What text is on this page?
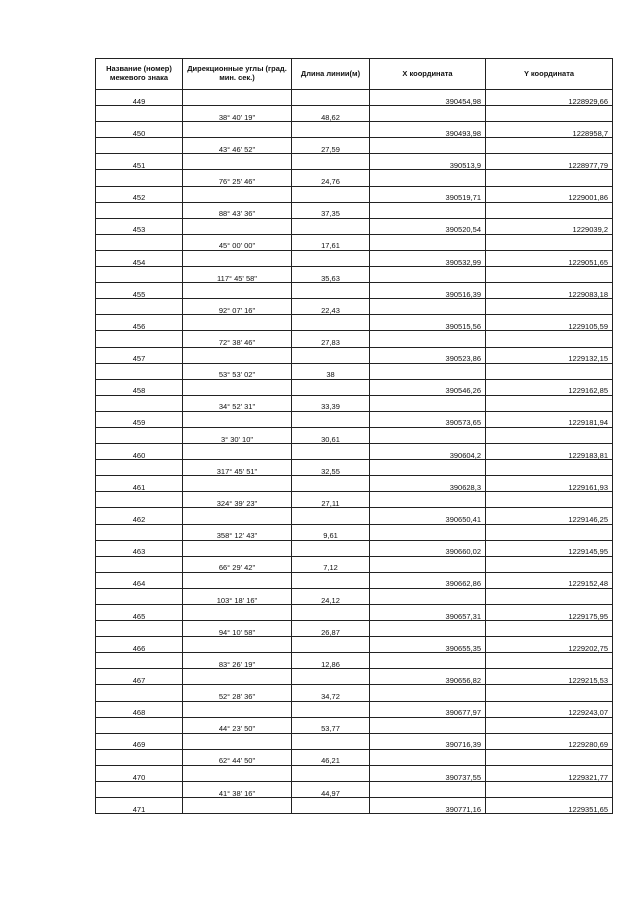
Название (номер) межевого знака	Дирекционные углы (град. мин. сек.)	Длина линии(м)	X координата	Y координата
449			390454,98	1228929,66
	38° 40' 19"	48,62		
450			390493,98	1228958,7
	43° 46' 52"	27,59		
451			390513,9	1228977,79
	76° 25' 46"	24,76		
452			390519,71	1229001,86
	88° 43' 36"	37,35		
453			390520,54	1229039,2
	45° 00' 00"	17,61		
454			390532,99	1229051,65
	117° 45' 58"	35,63		
455			390516,39	1229083,18
	92° 07' 16"	22,43		
456			390515,56	1229105,59
	72° 38' 46"	27,83		
457			390523,86	1229132,15
	53° 53' 02"	38		
458			390546,26	1229162,85
	34° 52' 31"	33,39		
459			390573,65	1229181,94
	3° 30' 10"	30,61		
460			390604,2	1229183,81
	317° 45' 51"	32,55		
461			390628,3	1229161,93
	324° 39' 23"	27,11		
462			390650,41	1229146,25
	358° 12' 43"	9,61		
463			390660,02	1229145,95
	66° 29' 42"	7,12		
464			390662,86	1229152,48
	103° 18' 16"	24,12		
465			390657,31	1229175,95
	94° 10' 58"	26,87		
466			390655,35	1229202,75
	83° 26' 19"	12,86		
467			390656,82	1229215,53
	52° 28' 36"	34,72		
468			390677,97	1229243,07
	44° 23' 50"	53,77		
469			390716,39	1229280,69
	62° 44' 50"	46,21		
470			390737,55	1229321,77
	41° 38' 16"	44,97		
471			390771,16	1229351,65
